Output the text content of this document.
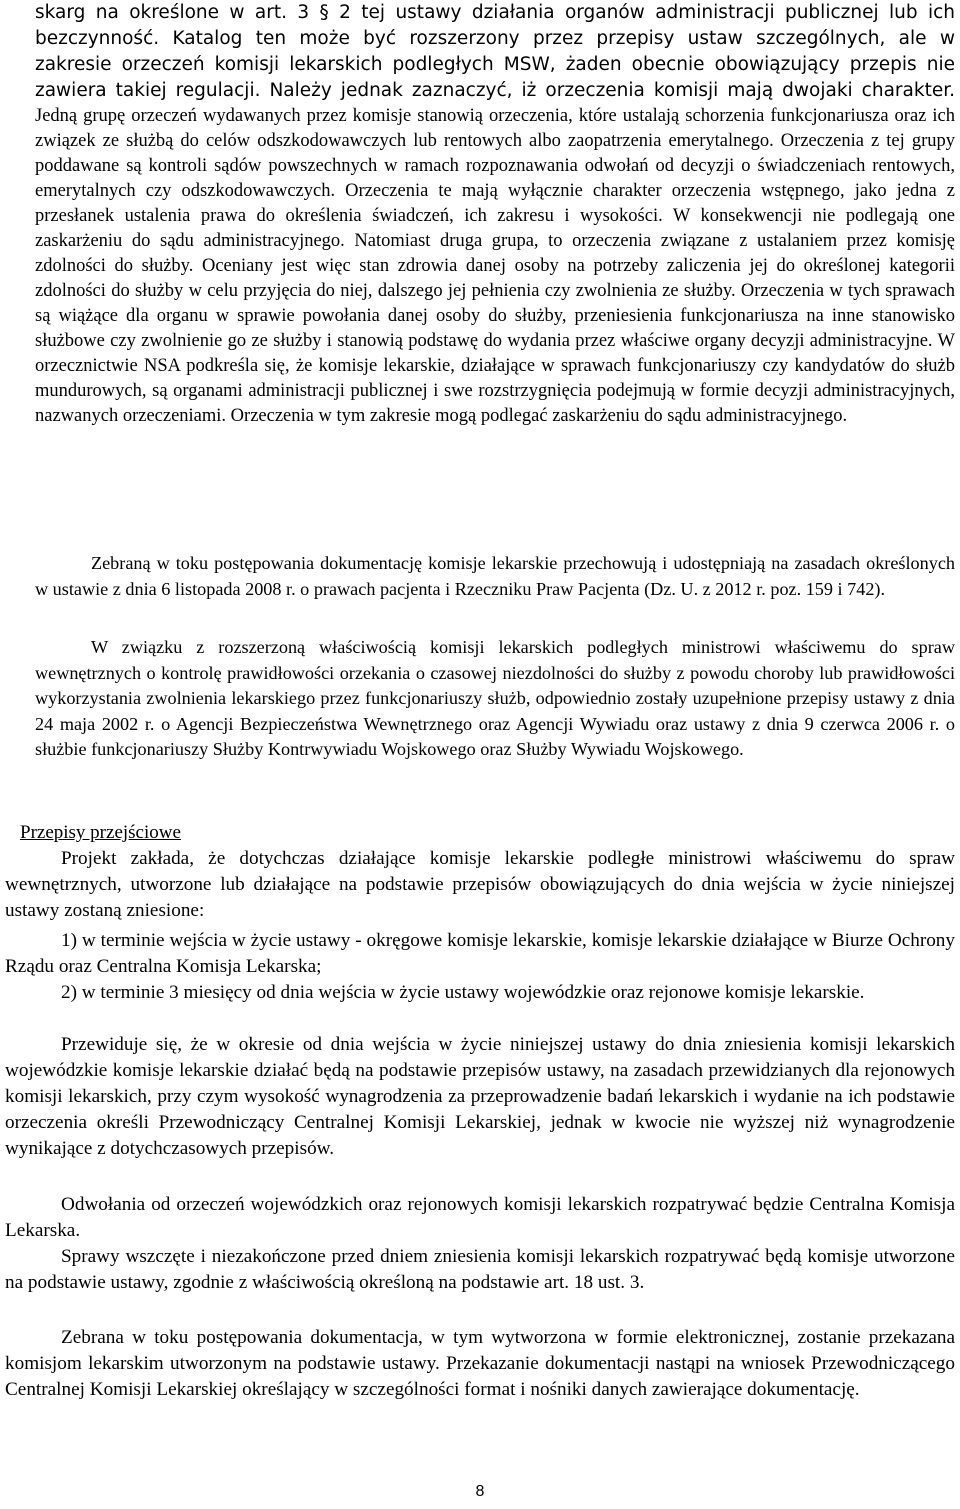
skarg na określone w art. 3 § 2 tej ustawy działania organów administracji publicznej lub ich bezczynność. Katalog ten może być rozszerzony przez przepisy ustaw szczególnych, ale w zakresie orzeczeń komisji lekarskich podległych MSW, żaden obecnie obowiązujący przepis nie zawiera takiej regulacji. Należy jednak zaznaczyć, iż orzeczenia komisji mają dwojaki charakter. Jedną grupę orzeczeń wydawanych przez komisje stanowią orzeczenia, które ustalają schorzenia funkcjonariusza oraz ich związek ze służbą do celów odszkodowawczych lub rentowych albo zaopatrzenia emerytalnego. Orzeczenia z tej grupy poddawane są kontroli sądów powszechnych w ramach rozpoznawania odwołań od decyzji o świadczeniach rentowych, emerytalnych czy odszkodowawczych. Orzeczenia te mają wyłącznie charakter orzeczenia wstępnego, jako jedna z przesłanek ustalenia prawa do określenia świadczeń, ich zakresu i wysokości. W konsekwencji nie podlegają one zaskarżeniu do sądu administracyjnego. Natomiast druga grupa, to orzeczenia związane z ustalaniem przez komisję zdolności do służby. Oceniany jest więc stan zdrowia danej osoby na potrzeby zaliczenia jej do określonej kategorii zdolności do służby w celu przyjęcia do niej, dalszego jej pełnienia czy zwolnienia ze służby. Orzeczenia w tych sprawach są wiążące dla organu w sprawie powołania danej osoby do służby, przeniesienia funkcjonariusza na inne stanowisko służbowe czy zwolnienie go ze służby i stanowią podstawę do wydania przez właściwe organy decyzji administracyjne. W orzecznictwie NSA podkreśla się, że komisje lekarskie, działające w sprawach funkcjonariuszy czy kandydatów do służb mundurowych, są organami administracji publicznej i swe rozstrzygnięcia podejmują w formie decyzji administracyjnych, nazwanych orzeczeniami. Orzeczenia w tym zakresie mogą podlegać zaskarżeniu do sądu administracyjnego.

Zebraną w toku postępowania dokumentację komisje lekarskie przechowują i udostępniają na zasadach określonych w ustawie z dnia 6 listopada 2008 r. o prawach pacjenta i Rzeczniku Praw Pacjenta (Dz. U. z 2012 r. poz. 159 i 742).

W związku z rozszerzoną właściwością komisji lekarskich podległych ministrowi właściwemu do spraw wewnętrznych o kontrolę prawidłowości orzekania o czasowej niezdolności do służby z powodu choroby lub prawidłowości wykorzystania zwolnienia lekarskiego przez funkcjonariuszy służb, odpowiednio zostały uzupełnione przepisy ustawy z dnia 24 maja 2002 r. o Agencji Bezpieczeństwa Wewnętrznego oraz Agencji Wywiadu oraz ustawy z dnia 9 czerwca 2006 r. o służbie funkcjonariuszy Służby Kontrwywiadu Wojskowego oraz Służby Wywiadu Wojskowego.

Przepisy przejściowe

Projekt zakłada, że dotychczas działające komisje lekarskie podległe ministrowi właściwemu do spraw wewnętrznych, utworzone lub działające na podstawie przepisów obowiązujących do dnia wejścia w życie niniejszej ustawy zostaną zniesione:

1) w terminie wejścia w życie ustawy - okręgowe komisje lekarskie, komisje lekarskie działające w Biurze Ochrony Rządu oraz Centralna Komisja Lekarska;

2) w terminie 3 miesięcy od dnia wejścia w życie ustawy wojewódzkie oraz rejonowe komisje lekarskie.

Przewiduje się, że w okresie od dnia wejścia w życie niniejszej ustawy do dnia zniesienia komisji lekarskich wojewódzkie komisje lekarskie działać będą na podstawie przepisów ustawy, na zasadach przewidzianych dla rejonowych komisji lekarskich, przy czym wysokość wynagrodzenia za przeprowadzenie badań lekarskich i wydanie na ich podstawie orzeczenia określi Przewodniczący Centralnej Komisji Lekarskiej, jednak w kwocie nie wyższej niż wynagrodzenie wynikające z dotychczasowych przepisów.

Odwołania od orzeczeń wojewódzkich oraz rejonowych komisji lekarskich rozpatrywać będzie Centralna Komisja Lekarska.

Sprawy wszczęte i niezakończone przed dniem zniesienia komisji lekarskich rozpatrywać będą komisje utworzone na podstawie ustawy, zgodnie z właściwością określoną na podstawie art. 18 ust. 3.

Zebrana w toku postępowania dokumentacja, w tym wytworzona w formie elektronicznej, zostanie przekazana komisjom lekarskim utworzonym na podstawie ustawy. Przekazanie dokumentacji nastąpi na wniosek Przewodniczącego Centralnej Komisji Lekarskiej określający w szczególności format i nośniki danych zawierające dokumentację.

8
